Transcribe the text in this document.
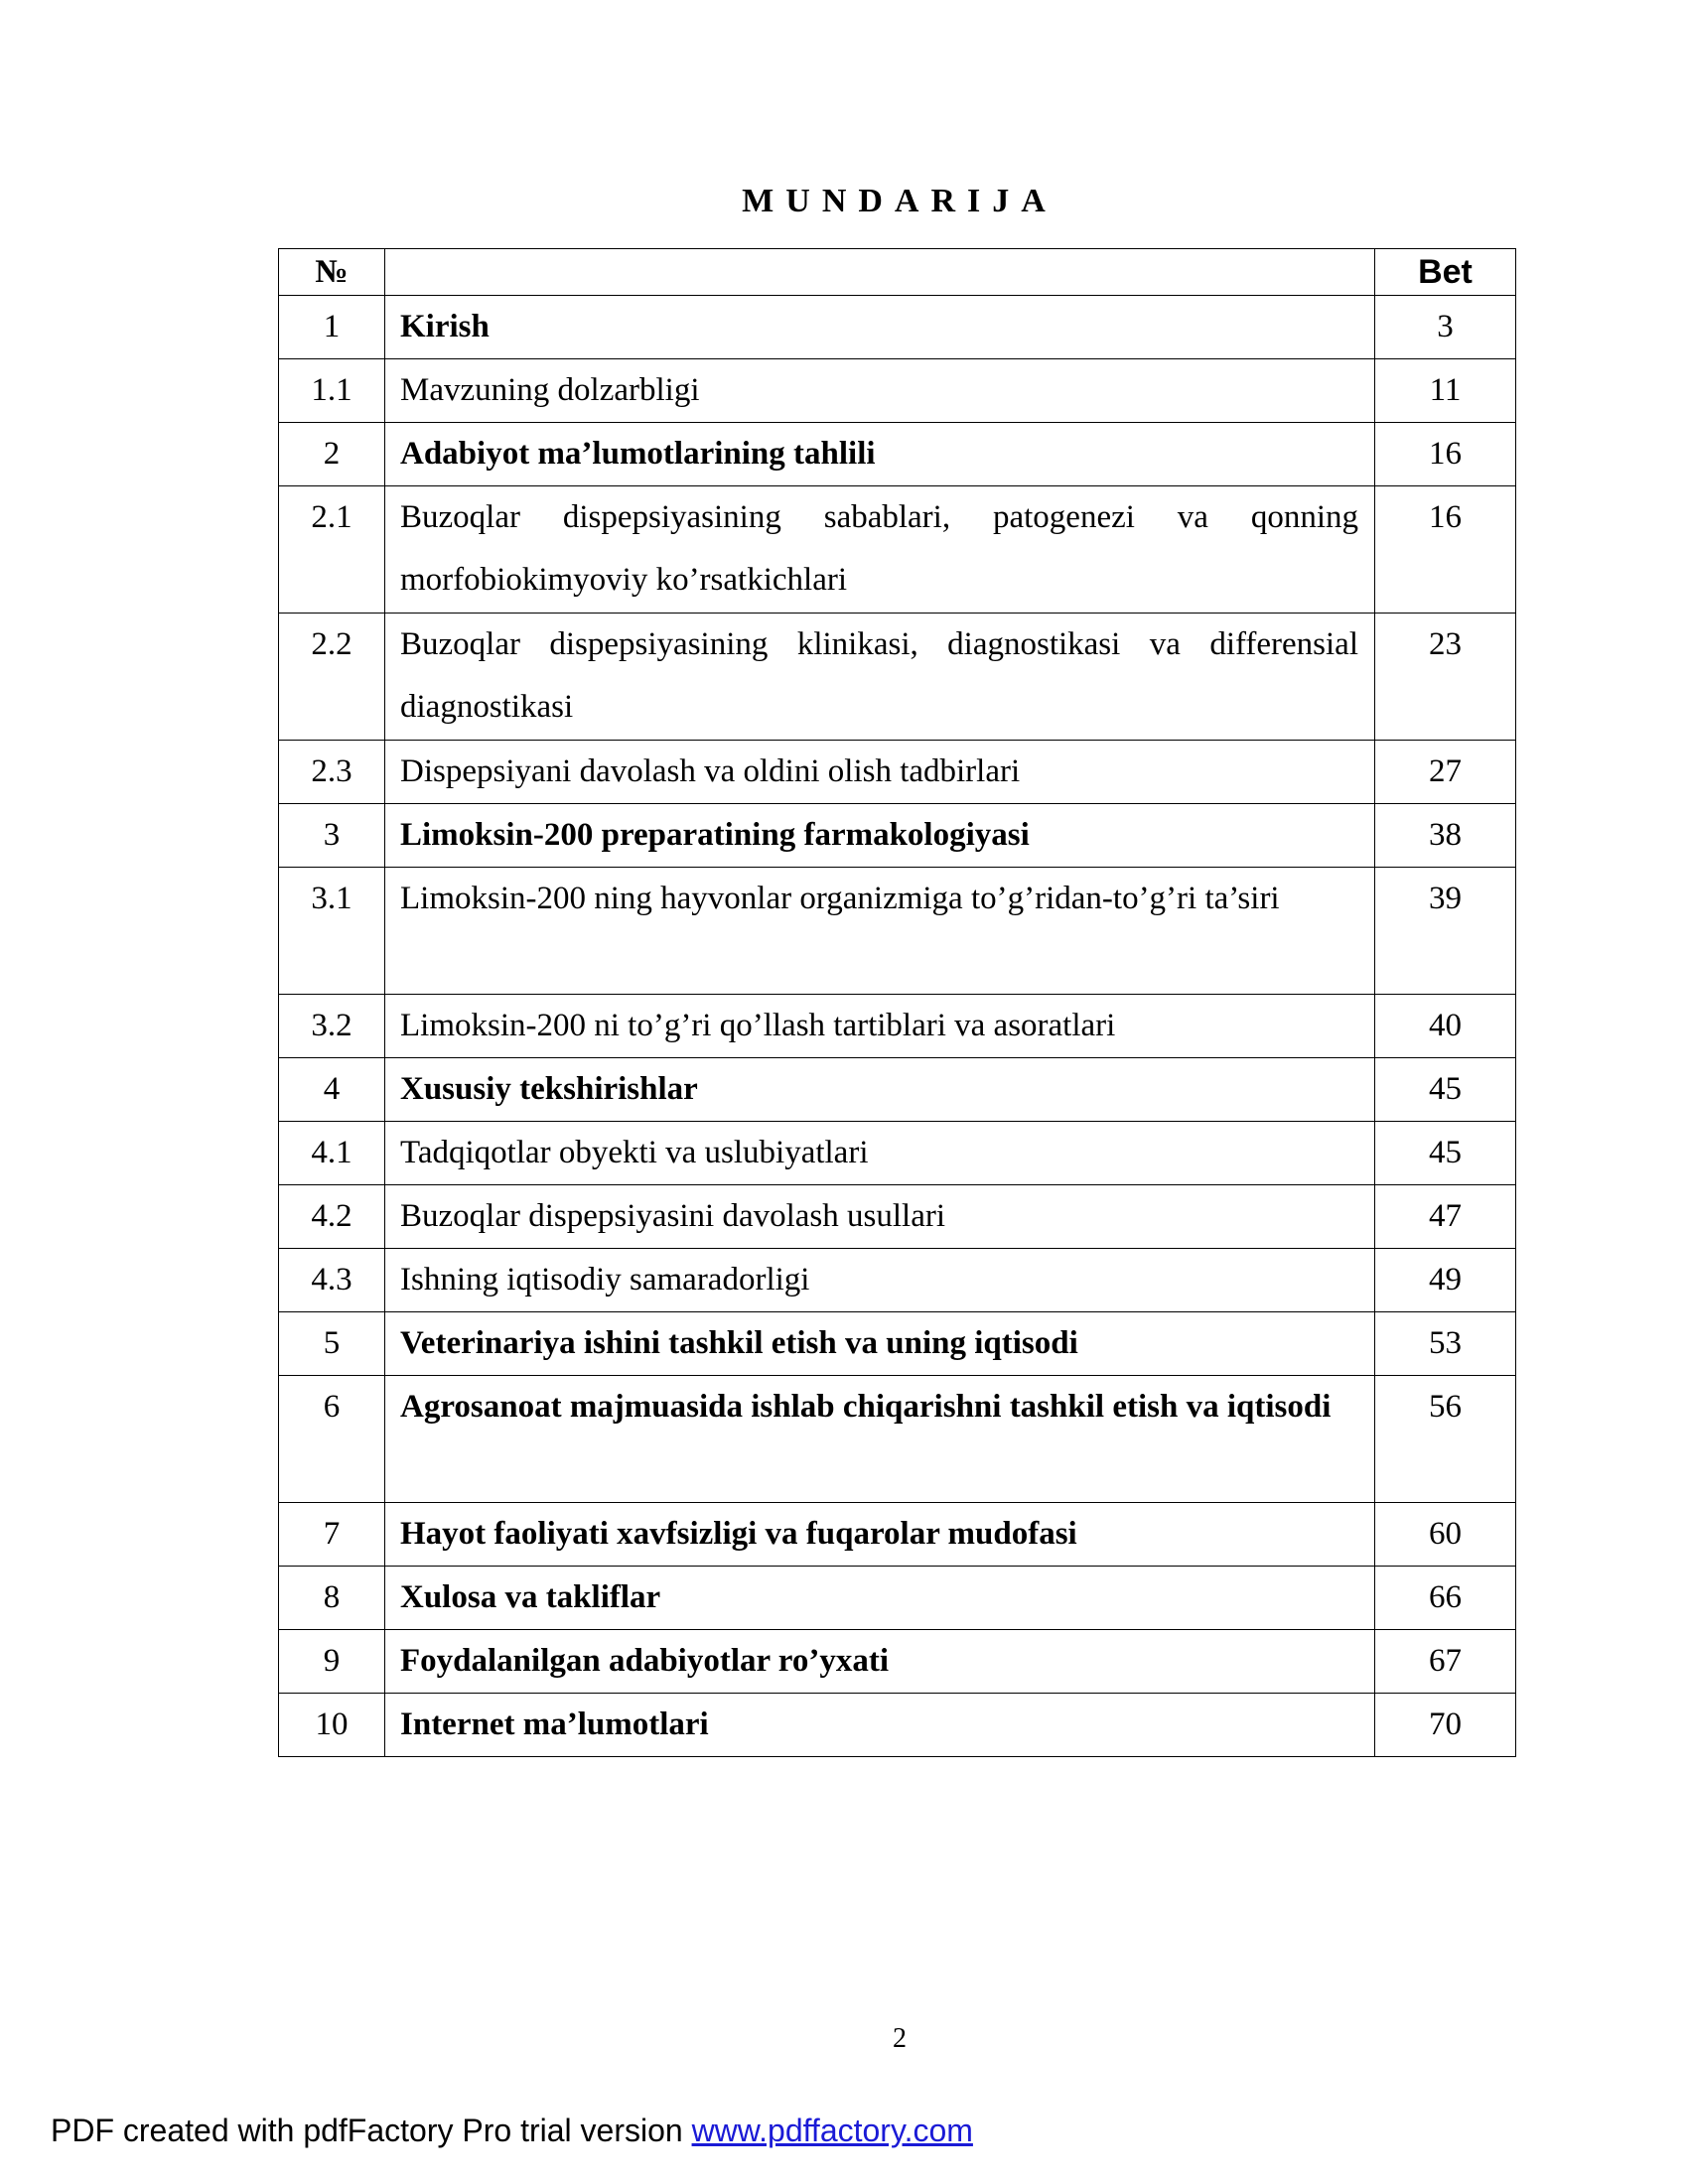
MUNDARIJA
№		Bet
1	Kirish	3
1.1	Mavzuning dolzarbligi	11
2	Adabiyot ma’lumotlarining tahlili	16
2.1	Buzoqlar dispepsiyasining sabablari, patogenezi va qonning morfobiokimyoviy ko’rsatkichlari	16
2.2	Buzoqlar dispepsiyasining klinikasi, diagnostikasi va differensial diagnostikasi	23
2.3	Dispepsiyani davolash va oldini olish tadbirlari	27
3	Limoksin-200 preparatining farmakologiyasi	38
3.1	Limoksin-200 ning hayvonlar organizmiga to’g’ridan-to’g’ri ta’siri	39
3.2	Limoksin-200 ni to’g’ri qo’llash tartiblari va asoratlari	40
4	Xususiy tekshirishlar	45
4.1	Tadqiqotlar obyekti va uslubiyatlari	45
4.2	Buzoqlar dispepsiyasini davolash usullari	47
4.3	Ishning iqtisodiy samaradorligi	49
5	Veterinariya ishini tashkil etish va uning iqtisodi	53
6	Agrosanoat majmuasida ishlab chiqarishni tashkil etish va iqtisodi	56
7	Hayot faoliyati xavfsizligi va fuqarolar mudofasi	60
8	Xulosa va takliflar	66
9	Foydalanilgan adabiyotlar ro’yxati	67
10	Internet ma’lumotlari	70
2
PDF created with pdfFactory Pro trial version www.pdffactory.com
